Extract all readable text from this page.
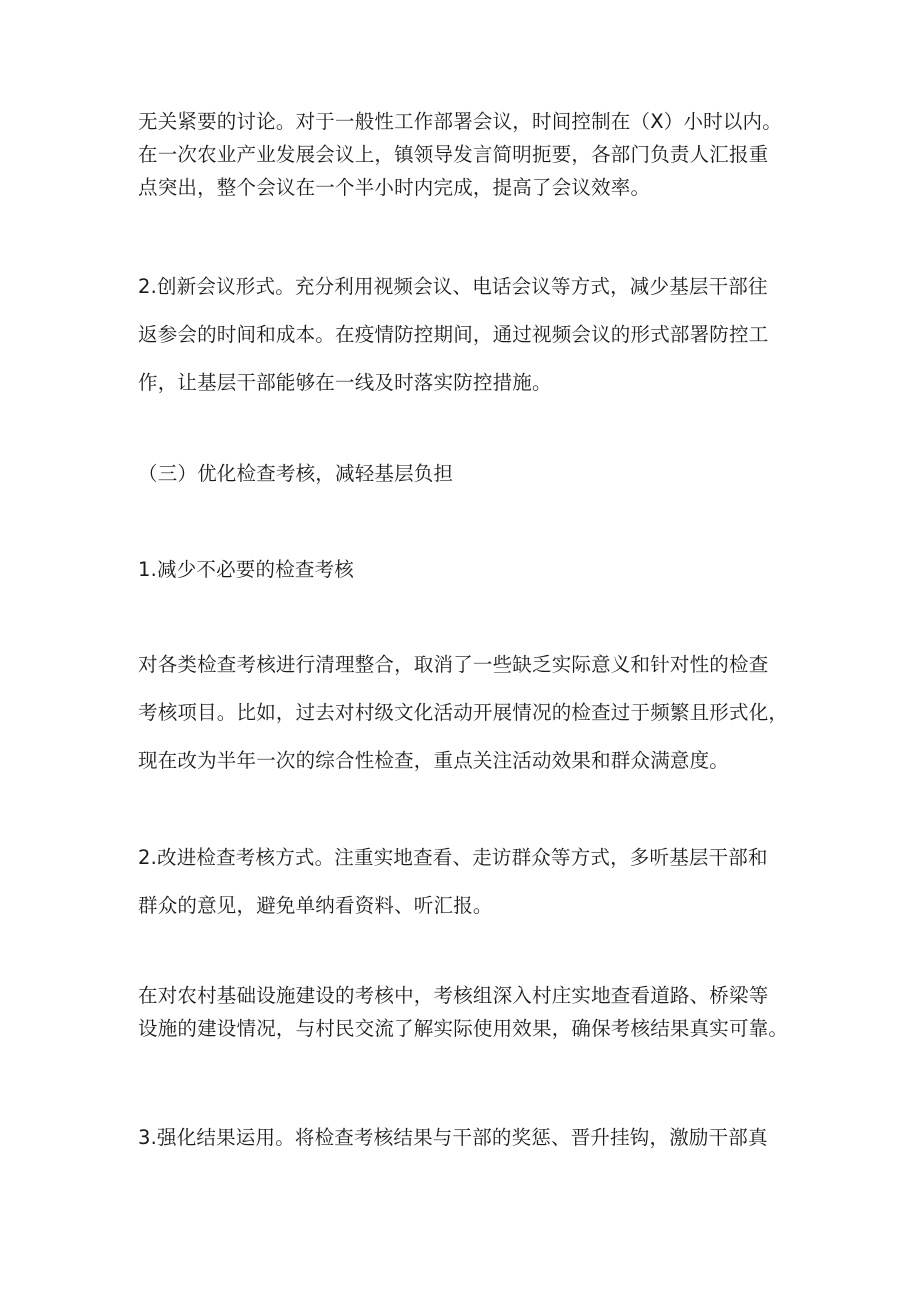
无关紧要的讨论。对于一般性工作部署会议，时间控制在（X）小时以内。
在一次农业产业发展会议上，镇领导发言简明扼要，各部门负责人汇报重
点突出，整个会议在一个半小时内完成，提高了会议效率。

2.创新会议形式。充分利用视频会议、电话会议等方式，减少基层干部往
返参会的时间和成本。在疫情防控期间，通过视频会议的形式部署防控工
作，让基层干部能够在一线及时落实防控措施。

（三）优化检查考核，减轻基层负担

1.减少不必要的检查考核

对各类检查考核进行清理整合，取消了一些缺乏实际意义和针对性的检查
考核项目。比如，过去对村级文化活动开展情况的检查过于频繁且形式化，
现在改为半年一次的综合性检查，重点关注活动效果和群众满意度。

2.改进检查考核方式。注重实地查看、走访群众等方式，多听基层干部和
群众的意见，避免单纳看资料、听汇报。

在对农村基础设施建设的考核中，考核组深入村庄实地查看道路、桥梁等
设施的建设情况，与村民交流了解实际使用效果，确保考核结果真实可靠。

3.强化结果运用。将检查考核结果与干部的奖惩、晋升挂钩，激励干部真
